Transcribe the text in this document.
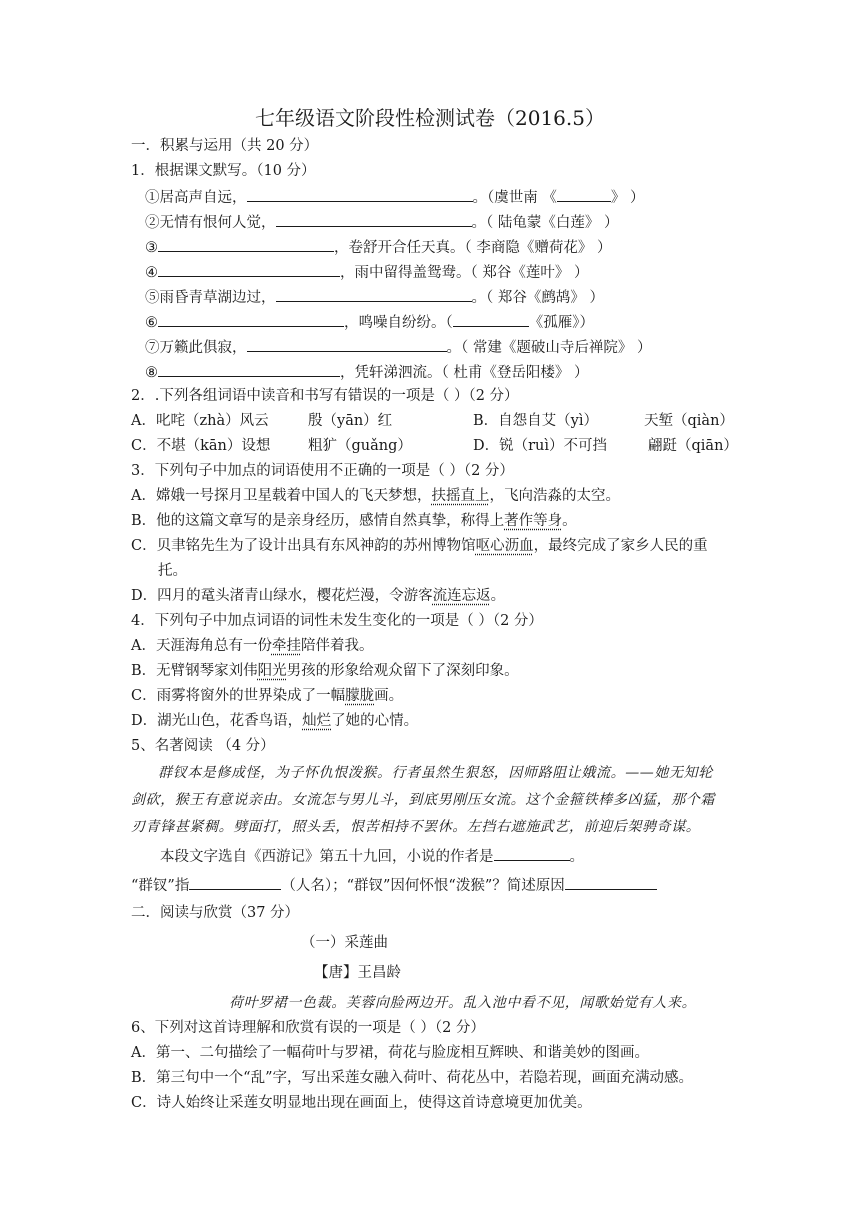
七年级语文阶段性检测试卷（2016.5）
一．积累与运用（共 20 分）
1．根据课文默写。（10 分）
①居高声自远，	。（虞世南 《	》 ）
②无情有恨何人觉，	。（ 陆龟蒙《白莲》 ）
③	，卷舒开合任天真。（ 李商隐《赠荷花》 ）
④	，雨中留得盖鸳鸯。（ 郑谷《莲叶》 ）
⑤雨昏青草湖边过，	。（ 郑谷《鹧鸪》 ）
⑥	，鸣噪自纷纷。（	《孤雁》）
⑦万籁此俱寂，	。（ 常建《题破山寺后禅院》 ）
⑧	，凭轩涕泗流。（ 杜甫《登岳阳楼》 ）
2．.下列各组词语中读音和书写有错误的一项是（ ）（2 分）
A．叱咤（zhà）风云	殷（yān）红	B．自怨自艾（yì）	天堑（qiàn）
C．不堪（kān）设想	粗犷（guǎng）	D．锐（ruì）不可挡	翩跹（qiān）
3．下列句子中加点的词语使用不正确的一项是（ ）（2 分）
A．嫦娥一号探月卫星载着中国人的飞天梦想，扶摇直上，飞向浩淼的太空。
B．他的这篇文章写的是亲身经历，感情自然真挚，称得上著作等身。
C．贝聿铭先生为了设计出具有东风神韵的苏州博物馆呕心沥血，最终完成了家乡人民的重
托。
D．四月的鼋头渚青山绿水，樱花烂漫，令游客流连忘返。
4．下列句子中加点词语的词性未发生变化的一项是（ ）（2 分）
A．天涯海角总有一份牵挂陪伴着我。
B．无臂钢琴家刘伟阳光男孩的形象给观众留下了深刻印象。
C．雨雾将窗外的世界染成了一幅朦胧画。
D．湖光山色，花香鸟语，灿烂了她的心情。
5、名著阅读 （4 分）
群钗本是修成怪，为子怀仇恨泼猴。行者虽然生狠怒，因师路阻让娥流。——她无知轮
剑砍，猴王有意说亲由。女流怎与男儿斗，到底男刚压女流。这个金箍铁棒多凶猛，那个霜
刃青锋甚紧稠。劈面打，照头丢，恨苦相持不罢休。左挡右遮施武艺，前迎后架骋奇谋。
本段文字选自《西游记》第五十九回，小说的作者是	。
“群钗”指	（人名）；“群钗”因何怀恨“泼猴”？简述原因
二．阅读与欣赏（37 分）
（一）采莲曲
【唐】王昌龄
荷叶罗裙一色裁。芙蓉向脸两边开。乱入池中看不见，闻歌始觉有人来。
6、下列对这首诗理解和欣赏有误的一项是（ ）（2 分）
A．第一、二句描绘了一幅荷叶与罗裙，荷花与脸庞相互辉映、和谐美妙的图画。
B．第三句中一个“乱”字，写出采莲女融入荷叶、荷花丛中，若隐若现，画面充满动感。
C．诗人始终让采莲女明显地出现在画面上，使得这首诗意境更加优美。
